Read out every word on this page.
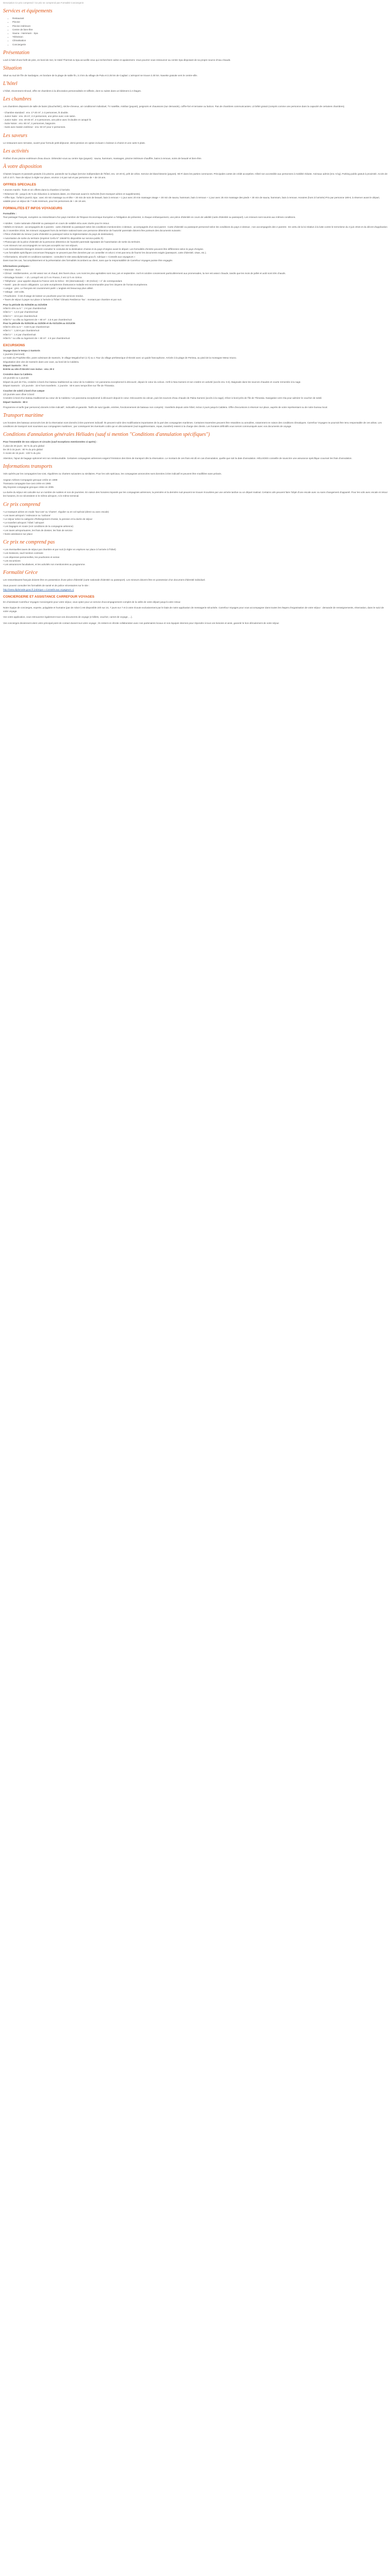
Description Ce prix comprend / Ce prix ne comprend pas Formalité Conciergerie
Services et équipements
• Restaurant
• Piscine
• Piscine intérieure
• Centre de bien-être
• Sauna - Hammam - Spa
• Télévision
• Climatisation
• Conciergerie
Présentation

Lové à l'abri d'une forêt de pins, en bord de mer, le Hotel Thermes & Spa accueille ceux qui recherchent calme et apaisement. Vous pourrez vous ressourcer au centre Spa disposant de sa propre source d'eau chaude.

Situation

Situé au sud de l'île de Sardaigne, en bordure de la plage de sable fin, à 3 km du village de Pula et à 25 km de Cagliari. L'aéroport se trouve à 30 km. Navette gratuite vers le centre-ville.

L'hôtel

L'hôtel, récemment rénové, offre 32 chambres à la décoration personnalisée et raffinée, dont 11 suites dans un bâtiment à 2 étages.

Les chambres

Les chambres disposent de salle de bains (douche/WC), sèche-cheveux, air conditionné individuel, TV satellite, minibar (payant), peignoirs et chaussons (sur demande), coffre-fort et terrasse ou balcon. Pas de chambres communicantes. Lit bébé gratuit (compris comme une personne dans la capacité de certaines chambres).

- Chambre standard : env. 17-20 m², 1-2 personnes, lit double.
- Junior Suite : env. 25 m², 2-3 personnes, une pièce avec coin salon.
- Junior Suite : env. 40-45 m², 2-4 personnes, une pièce avec lit double et canapé lit.
- Suite Notos : env. 60 m², 2 personnes, baignoire.
- Suite avec bassin extérieur : env. 50 m² pour 2 personnes.
Les saveurs

Le restaurant avec terrasse, ouvert pour formule petit-déjeuner, demi-pension en option incluant 1 boisson à choisir et une carte 5 plats.

Les activités

Profitez d'une piscine extérieure d'eau douce. Détendez-vous au centre Spa (payant) : sauna, hammam, massages, piscine intérieure chauffée, bains à remous, soins de beauté et bien-être.

À votre disposition

Chaises longues et parasols gratuits à la piscine, parasols sur la plage (service indépendant de l'hôtel, env. 10-20 €), prêt de vélos. Service de blanchisserie (payant). Wi-Fi dans les parties communes. Principales cartes de crédit acceptées. Hôtel non accessible aux personnes à mobilité réduite. Animaux admis (env. 5 kg). Parking public gratuit à proximité. Accès de 14h à 10 h. Taxe de séjour à régler sur place, environ 1 € par nuit et par personne de + de 18 ans.

OFFRES SPECIALES
• Jeunes mariés : fruits et vin offerts dans la chambre à l'arrivée.
• Réservez tôt : jusqu'à 25 % de réduction à certaines dates, en réservant avant le 31/01/26 (hors transport aérien et suppléments).
• Offre Spa : forfait 5 jours/1 Spa : avec 40 min massage ou et tête + 30 min de soin de beauté, bain à remous + 1 jour avec 20 min massage visage + 30 min de sauna, hammam, bain à remous + 1 jour avec 25 min massage des pieds + 30 min de sauna, hammam, bain à remous. Horaires (hors à l'arrivée) Prix par personne 189 €, à réserver avant le départ, valable pour un séjour de 7 nuits minimum, pour les personnes de + de 18 ans.
FORMALITES ET INFOS VOYAGEURS
Formalités :

Tout passager français, européen ou ressortissant d'un pays membre de l'Espace Economique Européen a l'obligation de présenter, à chaque embarquement, une pièce d'identité en cours de validité (carte d'identité ou passeport). Les mineurs sont soumis aux mêmes conditions.

• Adultes : Carte nationale d'identité ou passeport en cours de validité et/ou avec durée pour le retour.
• Bébés et mineurs : accompagnés de 2 parents : carte d'identité ou passeport selon les conditions mentionnées ci-dessus ; accompagnés d'un seul parent : Carte d'identité ou passeport personnel selon les conditions du pays ci-dessus ; non accompagnés des 2 parents : En vertu de la loi relative à la lutte contre le terrorisme du 3 juin 2016 et du décret d'application du 2 novembre 2016, les mineurs voyageant hors du territoire national sans une personne détentrice de l'autorité parentale doivent être porteurs des documents suivants :
• Pièce d'identité du mineur (carte d'identité ou passeport selon la réglementation du pays de destination).
• Autorisation de sortie du territoire (imprimé Cerfa N° 15646*01 disponible sur service-public.fr)
• Photocopie de la pièce d'identité de la personne détentrice de l'autorité parentale signataire de l'autorisation de sortie du territoire.
• Les mineurs non accompagnés ne sont pas acceptés sur nos séjours.
• Les ressortissants étrangers doivent consulter le consulat de la destination choisie et du pays d'origine avant le départ. Les formalités d'entrée peuvent être différentes selon le pays d'origine.
• Les formalités spécifiques concernant l'Espagne ne peuvent pas être données par un conseiller et celui-ci n'est pas tenu de fournir les documents exigés (passeport, carte d'identité, visas, etc.).
• Informations, sécurité et conditions sanitaires : consultez le site www.diplomatie.gouv.fr, rubrique « Conseils aux voyageurs »

Dans tous les cas, l'accomplissement et la présentation des formalités incombent au client, sans que la responsabilité de Carrefour Voyages puisse être engagée.

Informations pratiques :
• Monnaie : Euro
• Climat : méditerranéen, un été assez sec et chaud, des hivers doux. Les mois les plus agréables sont mai, juin et septembre. Avril et octobre conviennent particulièrement aux promenades, la mer est assez chaude, tandis que les mois de juillet et août sont très chauds.
• Décalage horaire : + 1h. Lorsqu'il est 12 h en France, il est 12 h en Grèce.
• Téléphone : pour appeler depuis la France vers la Grèce : 00 (international) + 30 (Grèce) + n° de correspondant.
• Santé : pas de vaccin obligatoire. La carte européenne d'assurance maladie est recommandée pour les citoyens de l'Union Européenne.
• Langue : grec. Le français est couramment parlé. L'anglais est beaucoup plus utilisé.
• Voltage : 220 volts.
• Pourboires : il est d'usage de laisser un pourboire pour les services rendus.
• Taxes de séjour à payer sur place à l'arrivée à l'hôtel 'Climatic Resilience Tax' : montant par chambre et par nuit.
Pour la période du 01/04/26 au 31/10/26
Hôtel 5 clés ou 5 * : 2 € par chambre/nuit
Hôtel 4 * : 1,5 € par chambre/nuit
Hôtel 3 * : 10 € par chambre/nuit
Hôtel 5 * ou villa ou logement de + 80 m² : 2,5 € par chambre/nuit
Pour la période du 01/01/26 au 31/3/26 et du 01/11/26 au 31/12/26
Hôtel 5 clés ou 5 * : 0,50 € par chambre/nuit
Hôtel 4 * : 1,50 € par chambre/nuit
Hôtel 3 * : 1 € par chambre/nuit
Hôtel 5 * ou villa ou logement de + 80 m² : 4 € par chambre/nuit
EXCURSIONS
Voyage dans le temps à Santorin
1 journée (mercredi)
Le matin du Prophète Élie, point culminant de Santorin, le village Megalochori (1 h) ou 1 Tour du village prehistorique d'Akrotiri avec un guide francophone. Arrivée à la plage de Perissa, au pied de la montagne Mesa Vouno.
Dégustation des vins de Santorin dans une cave, au bord de la Caldeira.
Départ Santorin : 70 €
Entrée au site d'Akrotiri non inclus : env. 20 €
Croisière dans la Caldeira
1/2 journée ou 1 journée
Départ du port de Fira, croisière à bord d'un bateau traditionnel au cœur de la Caldeira ! Un panorama exceptionnel à découvrir, depuis le cœur du volcan. Arrêt à Nea Kameni et son cratère en activité (accès env. 5 €). Baignade dans les sources chaudes et courte remontée à la nage.
Départ Santorin : 1/2 journée : 33 € hors transferts ; 1 journée : 50 € avec temps libre sur l'île de Thirassia.
Coucher de soleil à bord d'un caïque
1/2 journée avec dîner à bord
Croisière à bord d'un bateau traditionnel au cœur de la Caldeira ! Un panorama exceptionnel à découvrir depuis le cœur. Découverte du volcan, puis les sources d'eau chaude de Palea Kameni (accès à la nage). Dîner à bord près de l'île de Thirassia. Navigation vers Oia pour admirer le coucher de soleil.
Départ Santorin : 80 €

Programme et tarifs (par personne) donnés à titre indicatif ; Indicatifs et garantis. Tarifs de suivi (guide, entrées, fonctionnement de bateaux non compris) : transferts depuis votre hôtel, inclus 2 jours jusqu'à Caldeira. Offre d'excursions à réserver sur place, auprès de votre représentant ou de notre bureau local.

Transport maritime

Les horaires des bateaux annoncés lors de la réservation sont donnés à titre purement indicatif. Ils peuvent subir des modifications importantes de la part des compagnies maritimes. Certaines traversées peuvent être retardées ou annulées, notamment en raison des conditions climatiques. Carrefour Voyages ne pourrait être tenu responsable de ces aléas. Les conditions de transport sont soumises aux compagnies maritimes ; par conséquent les éventuels coûts qui en découleraient (nuit supplémentaire, repas, transfert) restent à la charge des clients. Les horaires définitifs vous seront communiqués avec vos documents de voyage.

Conditions d'annulation générales Héliades (sauf si mention "Conditions d'annulation spécifiques")
Pour l'ensemble de nos séjours et circuits (sauf exceptions mentionnées ci-après) :
À plus de 30 jours : 50 % du prix global
De 30 à 15 jours : 80 % du prix global
À moins de 15 jours : 100 % du prix

Attention, l'ajout de bagage optionnel est non remboursable. Certaines compagnies aériennes exigent l'émission des titres de transport dès la réservation. Le montant de ces frais est dû en cas d'annulation, quelle que soit la date d'annulation. HÉLIADES conseille de souscrire une assurance spécifique couvrant les frais d'annulation.

Informations transports

Vols opérés par les compagnies low-cost, régulières ou charters suivantes ou similaires. Pour les vols spéciaux, les compagnies annoncées sont données à titre indicatif et peuvent être modifiées sans préavis.

Aegean Airlines Compagnie grecque créée en 1999
Transavia compagnie low-cost créée en 1965
Sky Express compagnie grecque créée en 2005

La durée du séjour est calculée sur un nombre de nuitées et non de journées. En raison des horaires imposés par les compagnies aériennes, la première et la dernière nuit peuvent se trouver écourtées par une arrivée tardive ou un départ matinal. Certains vols peuvent faire l'objet d'une escale avec ou sans changement d'appareil. Pour les vols avec escale et retour les horaires, ils ne nécessitent ni le même aéroport, ni le même terminal.

Ce prix comprend
• Le transport aérien en mode 'low-cost' ou 'charter', régulier ou en vol spécial (direct ou avec escale)
• Les taxes aéroport / redevance ou 'carbone'
• Le séjour selon la catégorie d'hébergement choisie, la pension et la durée de séjour
• Le transfert aéroport / hôtel / aéroport
• Les bagages en soute (voir conditions de la compagnie aérienne)
• Les taxes aéroportuaires, les frais de dossier, les frais de service
• Notre assistance sur place
Ce prix ne comprend pas
• Les éventuelles taxes de séjour par chambre et par nuit (à régler en espèces sur place à l'arrivée à l'hôtel)
• Les boissons, sauf mention contraire
• Les dépenses personnelles, les pourboires et extras
• Les excursions
• Les assurances facultatives, et les activités non mentionnées au programme.
Formalité Grèce

Les ressortissants français doivent être en possession d'une pièce d'identité (carte nationale d'identité ou passeport). Les mineurs doivent être en possession d'un document d'identité individuel.

Vous pouvez consulter les formalités de santé et de police nécessaires sur le site :
http://www.diplomatie.gouv.fr (rubrique « Conseils aux voyageurs »)
CONCIERGERIE ET ASSISTANCE CARREFOUR VOYAGES

En choisissant Carrefour Voyages Conciergerie pour votre séjour, vous optez pour un service d'accompagnement complet de la veille de votre départ jusqu'à votre retour.

Notre équipe de concierges, experte, polyglotte et humaine (par de robot !) est disponible 24h sur 24, 7 jours sur 7 et à votre écoute exclusivement par le biais de notre application de messagerie sécurisée. Carrefour Voyages pour vous accompagner dans toutes les étapes d'organisation de votre séjour : demande de renseignements, réservation, dans le suivi de votre voyage.

Vos votre application, vous retrouverez également tous vos documents de voyage (e-billets, voucher, carnet de voyage, ...).

Vos concierges deviennent alors votre principal point de contact durant tout votre voyage ; ils restent en étroite collaboration avec nos partenaires locaux et nos équipes internes pour répondre à tous vos besoins et ainsi, garantir le bon déroulement de votre séjour.
